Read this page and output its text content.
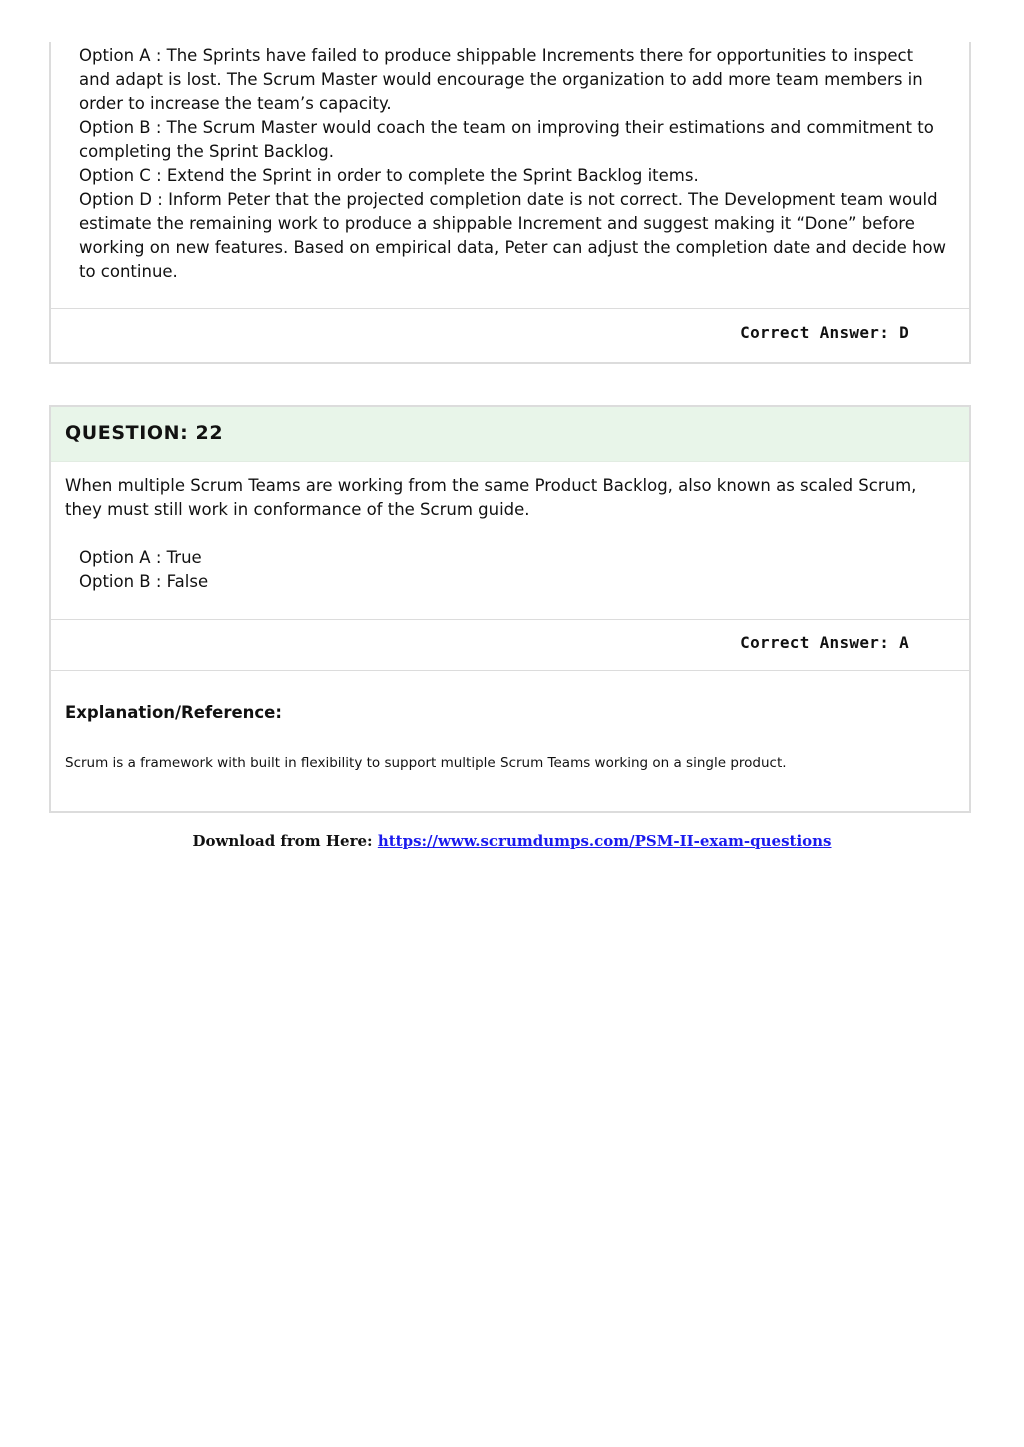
Option A : The Sprints have failed to produce shippable Increments there for opportunities to inspect and adapt is lost. The Scrum Master would encourage the organization to add more team members in order to increase the team’s capacity.
Option B : The Scrum Master would coach the team on improving their estimations and commitment to completing the Sprint Backlog.
Option C : Extend the Sprint in order to complete the Sprint Backlog items.
Option D : Inform Peter that the projected completion date is not correct. The Development team would estimate the remaining work to produce a shippable Increment and suggest making it “Done” before working on new features. Based on empirical data, Peter can adjust the completion date and decide how to continue.
Correct Answer: D
QUESTION: 22
When multiple Scrum Teams are working from the same Product Backlog, also known as scaled Scrum, they must still work in conformance of the Scrum guide.
Option A : True
Option B : False
Correct Answer: A
Explanation/Reference:
Scrum is a framework with built in flexibility to support multiple Scrum Teams working on a single product.
Download from Here: https://www.scrumdumps.com/PSM-II-exam-questions
